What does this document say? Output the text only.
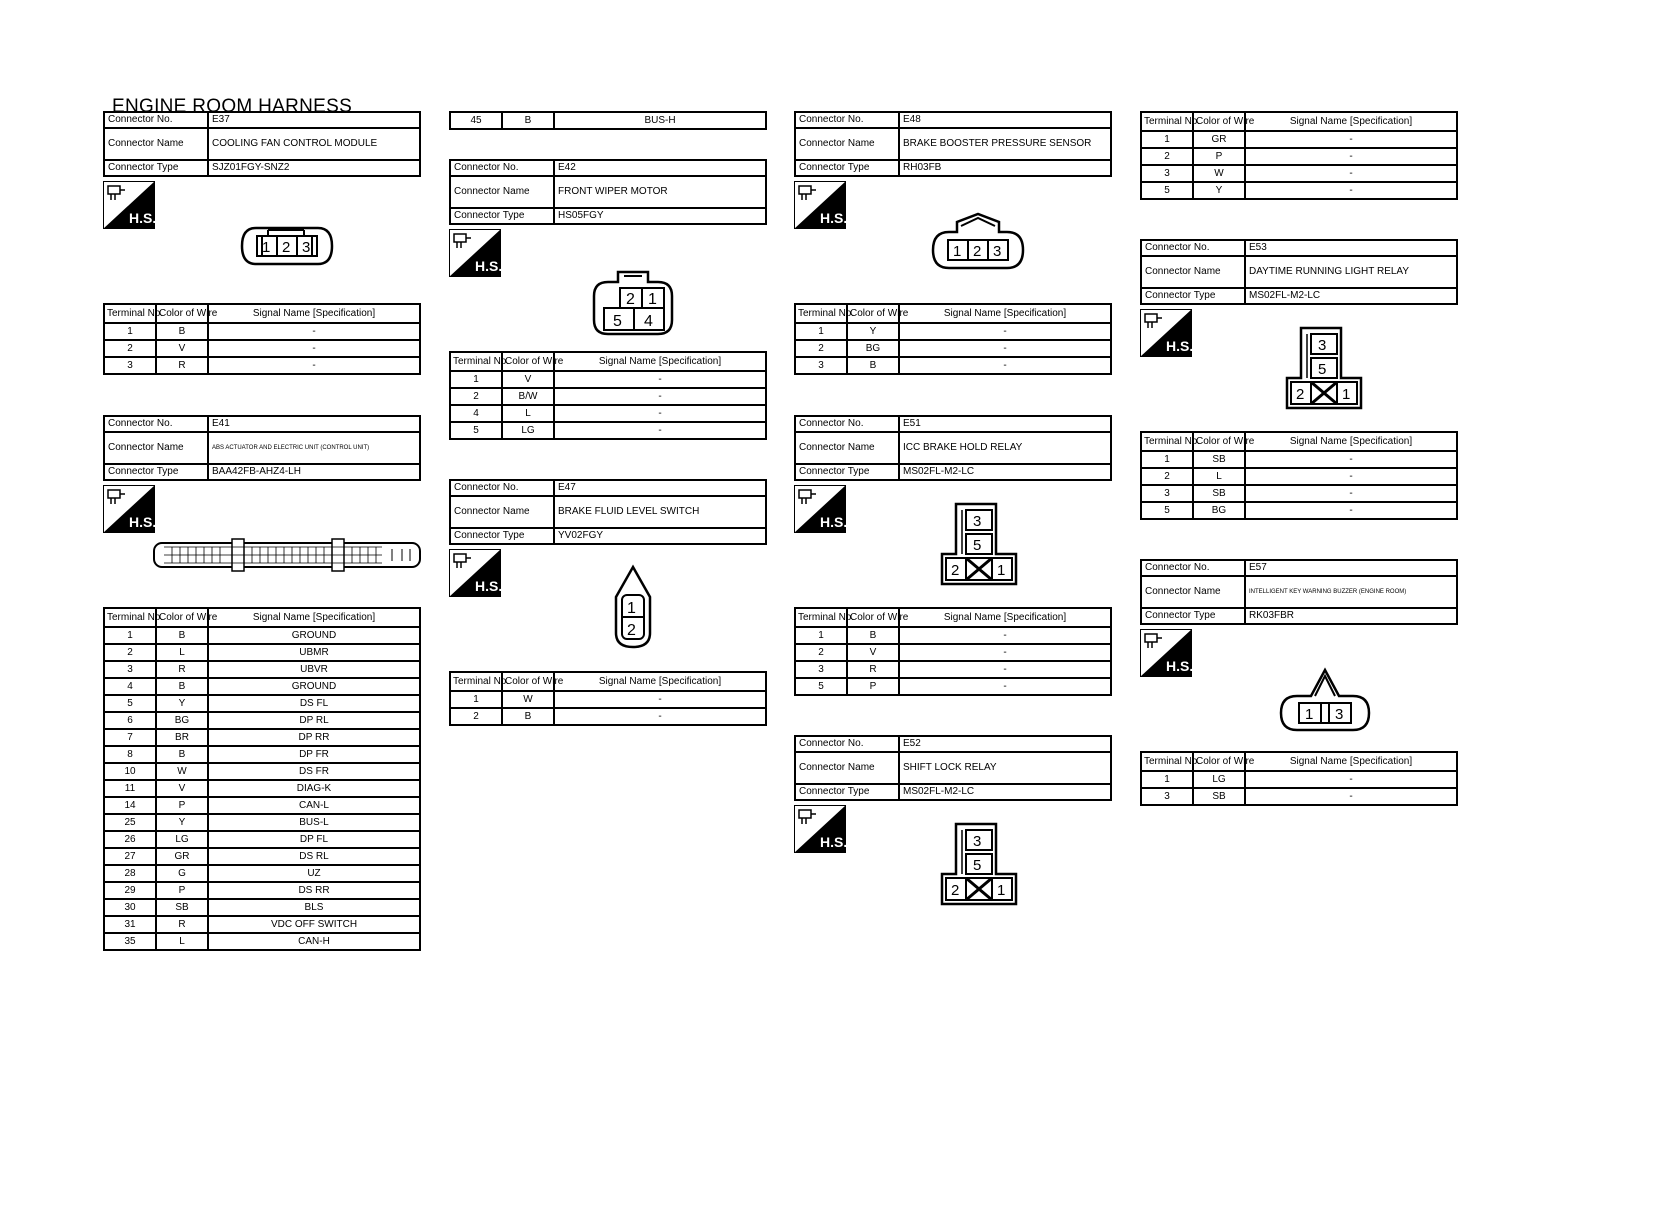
ENGINE ROOM HARNESS
Connector No.	E37
Connector Name	COOLING FAN CONTROL MODULE
Connector Type	SJZ01FGY-SNZ2
H.S.
1 2 3
Terminal No.	Color of Wire	Signal Name [Specification]
1	B	-
2	V	-
3	R	-
Connector No.	E41
Connector Name	ABS ACTUATOR AND ELECTRIC UNIT (CONTROL UNIT)
Connector Type	BAA42FB-AHZ4-LH
H.S.
Terminal No.	Color of Wire	Signal Name [Specification]
1	B	GROUND
2	L	UBMR
3	R	UBVR
4	B	GROUND
5	Y	DS FL
6	BG	DP RL
7	BR	DP RR
8	B	DP FR
10	W	DS FR
11	V	DIAG-K
14	P	CAN-L
25	Y	BUS-L
26	LG	DP FL
27	GR	DS RL
28	G	UZ
29	P	DS RR
30	SB	BLS
31	R	VDC OFF SWITCH
35	L	CAN-H
45	B	BUS-H
Connector No.	E42
Connector Name	FRONT WIPER MOTOR
Connector Type	HS05FGY
H.S.
2 1
5 4
Terminal No.	Color of Wire	Signal Name [Specification]
1	V	-
2	B/W	-
4	L	-
5	LG	-
Connector No.	E47
Connector Name	BRAKE FLUID LEVEL SWITCH
Connector Type	YV02FGY
H.S.
1
2
Terminal No.	Color of Wire	Signal Name [Specification]
1	W	-
2	B	-
Connector No.	E48
Connector Name	BRAKE BOOSTER PRESSURE SENSOR
Connector Type	RH03FB
H.S.
1 2 3
Terminal No.	Color of Wire	Signal Name [Specification]
1	Y	-
2	BG	-
3	B	-
Connector No.	E51
Connector Name	ICC BRAKE HOLD RELAY
Connector Type	MS02FL-M2-LC
H.S.	3
5
2	1
Terminal No.	Color of Wire	Signal Name [Specification]
1	B	-
2	V	-
3	R	-
5	P	-
Connector No.	E52
Connector Name	SHIFT LOCK RELAY
Connector Type	MS02FL-M2-LC
H.S.	3
5
2	1
Terminal No.	Color of Wire	Signal Name [Specification]
1	GR	-
2	P	-
3	W	-
5	Y	-
Connector No.	E53
Connector Name	DAYTIME RUNNING LIGHT RELAY
Connector Type	MS02FL-M2-LC
H.S.	3
5
2	1
Terminal No.	Color of Wire	Signal Name [Specification]
1	SB	-
2	L	-
3	SB	-
5	BG	-
Connector No.	E57
Connector Name	INTELLIGENT KEY WARNING BUZZER (ENGINE ROOM)
Connector Type	RK03FBR
H.S.
1 3
Terminal No.	Color of Wire	Signal Name [Specification]
1	LG	-
3	SB	-
